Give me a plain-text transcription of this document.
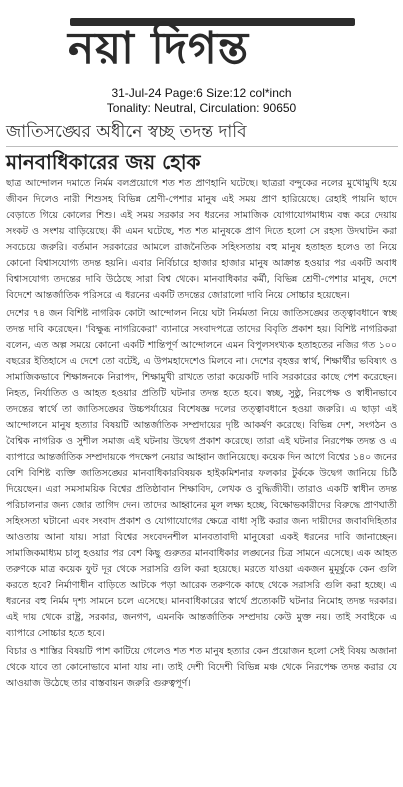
নয়া দিগন্ত
31-Jul-24 Page:6 Size:12 col*inch
Tonality: Neutral, Circulation: 90650
জাতিসঙ্ঘের অধীনে স্বচ্ছ তদন্ত দাবি
মানবাধিকারের জয় হোক

ছাত্র আন্দোলন দমাতে নির্মম বলপ্রয়োগে শত শত প্রাণহানি ঘটেছে। ছাত্ররা বন্দুকের নলের মুখোমুখি হয়ে জীবন দিলেও নারী শিশুসহ বিভিন্ন শ্রেণী-পেশার মানুষ এই সময় প্রাণ হারিয়েছে। রেহাই পায়নি ছাদে বেড়াতে গিয়ে কোলের শিশু। এই সময় সরকার সব ধরনের সামাজিক যোগাযোগমাধ্যম বন্ধ করে দেয়ায় সংকট ও সংশয় বাড়িয়েছে। কী এমন ঘটেছে, শত শত মানুষকে প্রাণ দিতে হলো সে রহস্য উদঘাটন করা সবচেয়ে জরুরি। বর্তমান সরকারের আমলে রাজনৈতিক সহিংসতায় বহু মানুষ হতাহত হলেও তা নিয়ে কোনো বিশ্বাসযোগ্য তদন্ত হয়নি। এবার নির্বিচারে হাজার হাজার মানুষ আক্রান্ত হওয়ার পর একটি অবাধ বিশ্বাসযোগ্য তদন্তের দাবি উঠেছে সারা বিশ্ব থেকে। মানবাধিকার কর্মী, বিভিন্ন শ্রেণী-পেশার মানুষ, দেশে বিদেশে আন্তর্জাতিক পরিসরে এ ধরনের একটি তদন্তের জোরালো দাবি নিয়ে সোচ্চার হয়েছেন।

দেশের ৭৪ জন বিশিষ্ট নাগরিক কোটা আন্দোলন নিয়ে ঘটা নির্মমতা নিয়ে জাতিসঙ্ঘের তত্ত্বাবধানে স্বচ্ছ তদন্ত দাবি করেছেন। 'বিক্ষুব্ধ নাগরিকেরা' ব্যানারে সংবাদপত্রে তাদের বিবৃতি প্রকাশ হয়। বিশিষ্ট নাগরিকরা বলেন, এত অল্প সময়ে কোনো একটি শান্তিপূর্ণ আন্দোলনে এমন বিপুলসংখ্যক হতাহতের নজির গত ১০০ বছরের ইতিহাসে এ দেশে তো বটেই, এ উপমহাদেশেও মিলবে না। দেশের বৃহত্তর স্বার্থ, শিক্ষার্থীর ভবিষ্যৎ ও সামাজিকভাবে শিক্ষাঙ্গনকে নিরাপদ, শিক্ষামুখী রাখতে তারা কয়েকটি দাবি সরকারের কাছে পেশ করেছেন। নিহত, নির্যাতিত ও আহত হওয়ার প্রতিটি ঘটনার তদন্ত হতে হবে। স্বচ্ছ, সুষ্ঠু, নিরপেক্ষ ও স্বাধীনভাবে তদন্তের স্বার্থে তা জাতিসঙ্ঘের উচ্চপর্যায়ের বিশেষজ্ঞ দলের তত্ত্বাবধানে হওয়া জরুরি। এ ছাড়া এই আন্দোলনে মানুষ হত্যার বিষয়টি আন্তর্জাতিক সম্প্রদায়ের দৃষ্টি আকর্ষণ করেছে। বিভিন্ন দেশ, সংগঠন ও বৈশ্বিক নাগরিক ও সুশীল সমাজ এই ঘটনায় উদ্বেগ প্রকাশ করেছে। তারা এই ঘটনার নিরপেক্ষ তদন্ত ও এ ব্যাপারে আন্তর্জাতিক সম্প্রদায়কে পদক্ষেপ নেয়ার আহ্বান জানিয়েছে। কয়েক দিন আগে বিশ্বের ১৪০ জনের বেশি বিশিষ্ট ব্যক্তি জাতিসঙ্ঘের মানবাধিকারবিষয়ক হাইকমিশনার ফলকার টুর্ককে উদ্বেগ জানিয়ে চিঠি দিয়েছেন। এরা সমসাময়িক বিশ্বের প্রতিষ্ঠাবান শিক্ষাবিদ, লেখক ও বুদ্ধিজীবী। তারাও একটি স্বাধীন তদন্ত পরিচালনার জন্য জোর তাগিদ দেন। তাদের আহ্বানের মূল লক্ষ্য হচ্ছে, বিক্ষোভকারীদের বিরুদ্ধে প্রাণঘাতী সহিংসতা ঘটানো এবং সংবাদ প্রকাশ ও যোগাযোগের ক্ষেত্রে বাধা সৃষ্টি করার জন্য দায়ীদের জবাবদিহিতার আওতায় আনা যায়। সারা বিশ্বের সংবেদনশীল মানবতাবাদী মানুষেরা একই ধরনের দাবি জানাচ্ছেন। সামাজিকমাধ্যম চালু হওয়ার পর বেশ কিছু গুরুতর মানবাধিকার লঙ্ঘনের চিত্র সামনে এসেছে। এক আহত তরুণকে মাত্র কয়েক ফুট দূর থেকে সরাসরি গুলি করা হয়েছে। মরতে যাওয়া একজন মুমূর্ষুকে কেন গুলি করতে হবে? নির্মাণাধীন বাড়িতে আটকে পড়া আরেক তরুণকে কাছে থেকে সরাসরি গুলি করা হচ্ছে। এ ধরনের বহু নির্মম দৃশ্য সামনে চলে এসেছে। মানবাধিকারের স্বার্থে প্রত্যেকটি ঘটনার নিমোহ তদন্ত দরকার। এই দায় থেকে রাষ্ট্র, সরকার, জনগণ, এমনকি আন্তর্জাতিক সম্প্রদায় কেউ মুক্ত নয়। তাই সবাইকে এ ব্যাপারে সোচ্চার হতে হবে।

বিচার ও শাস্তির বিষয়টি পাশ কাটিয়ে গেলেও শত শত মানুষ হত্যার কেন প্রয়োজন হলো সেই বিষয় অজানা থেকে যাবে তা কোনোভাবে মানা যায় না। তাই দেশী বিদেশী বিভিন্ন মঞ্চ থেকে নিরপেক্ষ তদন্ত করার যে আওয়াজ উঠেছে তার বাস্তবায়ন জরুরি গুরুত্বপূর্ণ।
